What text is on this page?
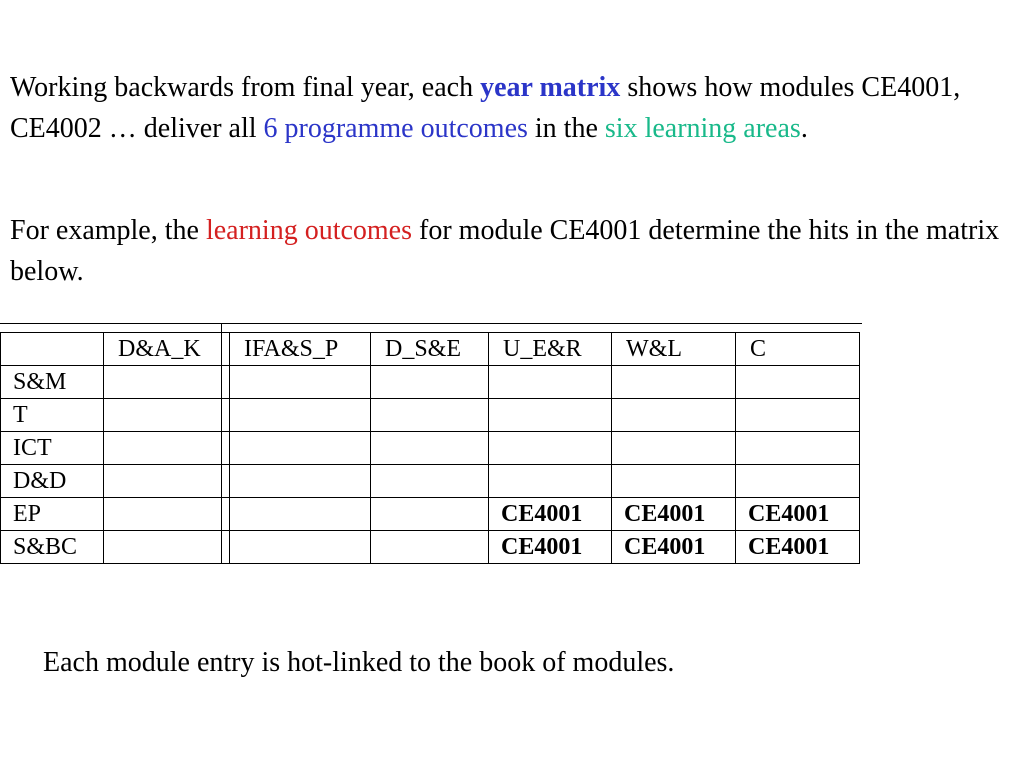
Working backwards from final year, each year matrix shows how modules CE4001, CE4002 … deliver all 6 programme outcomes in the six learning areas.

For example, the learning outcomes for module CE4001 determine the hits in the matrix below.

	D&A_K		IFA&S_P	D_S&E	U_E&R	W&L	C
S&M							
T							
ICT							
D&D							
EP					CE4001	CE4001	CE4001
S&BC					CE4001	CE4001	CE4001

Each module entry is hot-linked to the book of modules.
